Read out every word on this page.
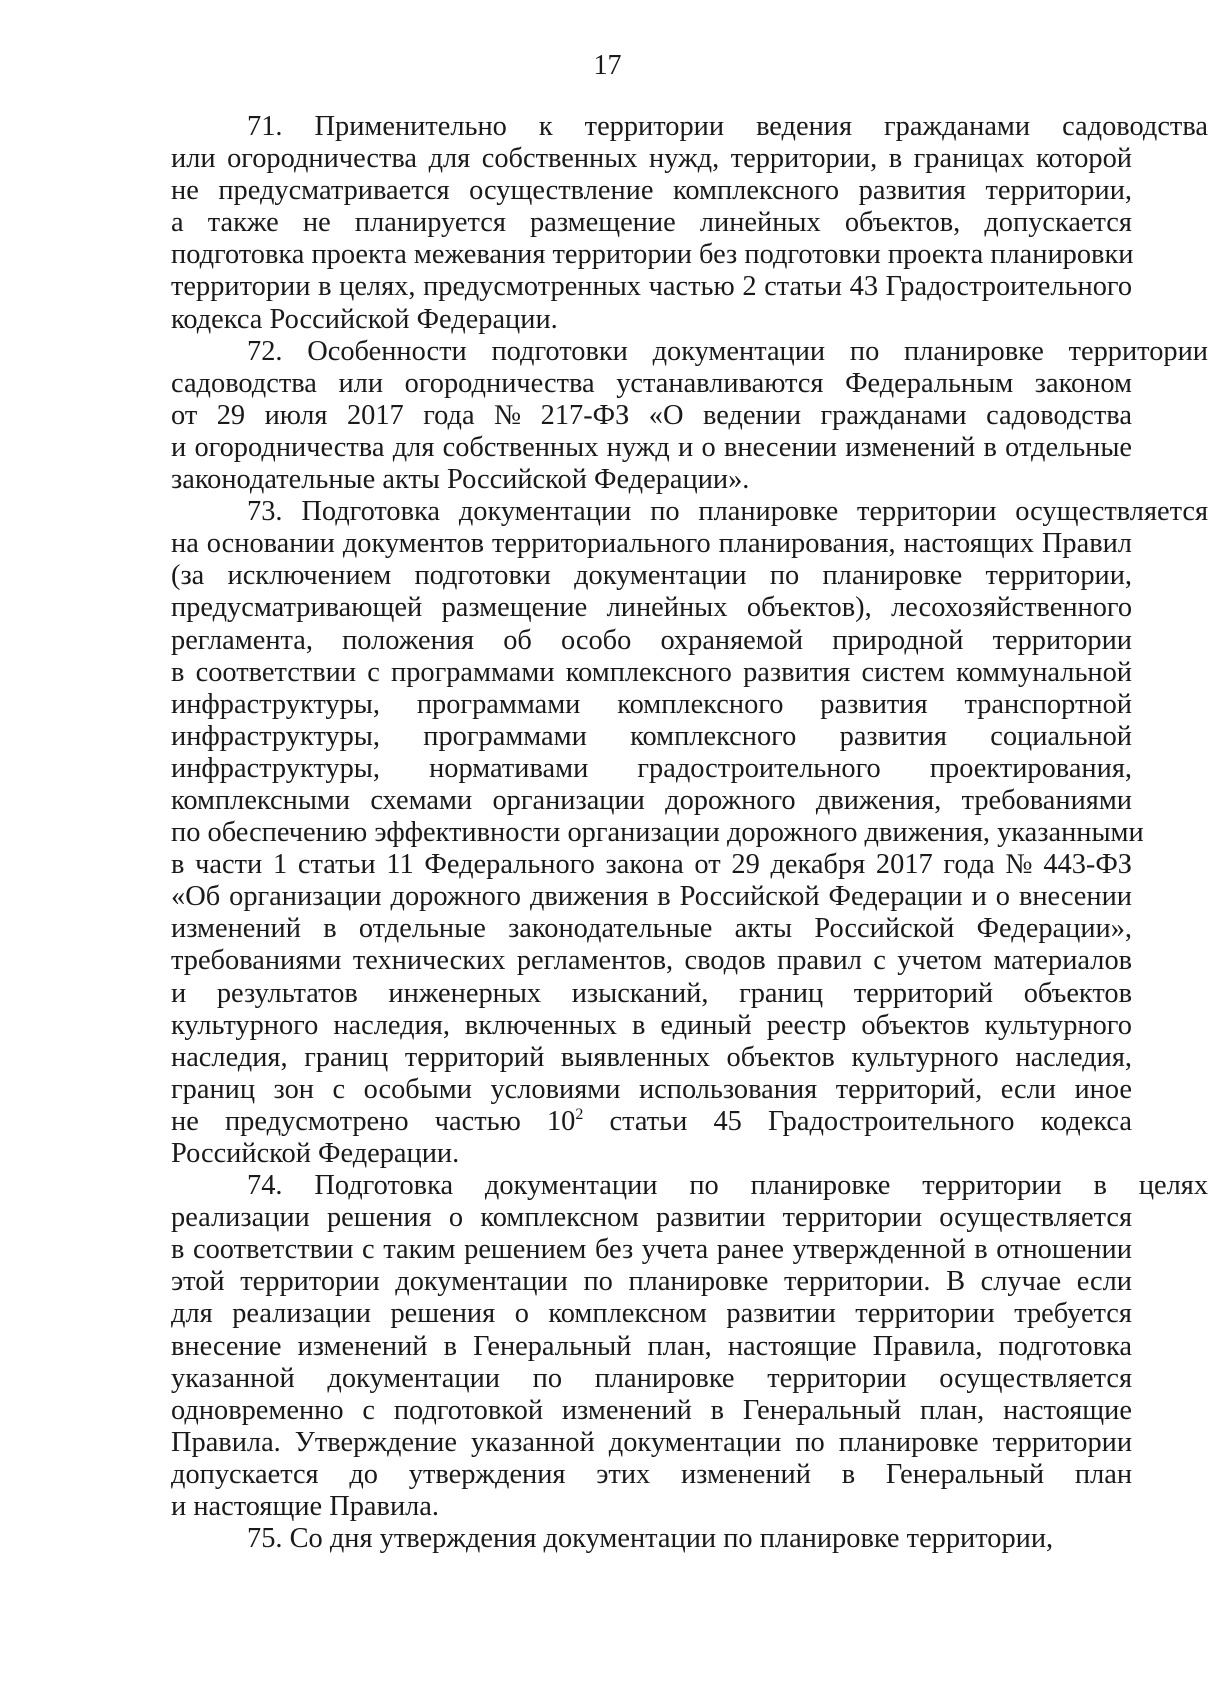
17
71.
Применительно
к
территории
ведения
гражданами
садоводства
или
огородничества
для
собственных
нужд,
территории,
в
границах
которой
не
предусматривается
осуществление
комплексного
развития
территории,
а
также
не
планируется
размещение
линейных
объектов,
допускается
подготовка
проекта
межевания
территории
без
подготовки
проекта
планировки
территории
в
целях,
предусмотренных
частью
2
статьи
43
Градостроительного
кодекса
Российской
Федерации.
72.
Особенности
подготовки
документации
по
планировке
территории
садоводства
или
огородничества
устанавливаются
Федеральным
законом
от
29
июля
2017
года
№
217-ФЗ
«О
ведении
гражданами
садоводства
и
огородничества
для
собственных
нужд
и
о
внесении
изменений
в
отдельные
законодательные
акты
Российской
Федерации».
73.
Подготовка
документации
по
планировке
территории
осуществляется
на
основании
документов
территориального
планирования,
настоящих
Правил
(за
исключением
подготовки
документации
по
планировке
территории,
предусматривающей
размещение
линейных
объектов),
лесохозяйственного
регламента,
положения
об
особо
охраняемой
природной
территории
в
соответствии
с
программами
комплексного
развития
систем
коммунальной
инфраструктуры,
программами
комплексного
развития
транспортной
инфраструктуры,
программами
комплексного
развития
социальной
инфраструктуры,
нормативами
градостроительного
проектирования,
комплексными
схемами
организации
дорожного
движения,
требованиями
по
обеспечению
эффективности
организации
дорожного
движения,
указанными
в
части
1
статьи
11
Федерального
закона
от
29
декабря
2017
года
№
443-ФЗ
«Об
организации
дорожного
движения
в
Российской
Федерации
и
о
внесении
изменений
в
отдельные
законодательные
акты
Российской
Федерации»,
требованиями
технических
регламентов,
сводов
правил
с
учетом
материалов
и
результатов
инженерных
изысканий,
границ
территорий
объектов
культурного
наследия,
включенных
в
единый
реестр
объектов
культурного
наследия,
границ
территорий
выявленных
объектов
культурного
наследия,
границ
зон
с
особыми
условиями
использования
территорий,
если
иное
не
предусмотрено
частью
$10^2$
статьи
45
Градостроительного
кодекса
Российской
Федерации.
74.
Подготовка
документации
по
планировке
территории
в
целях
реализации
решения
о
комплексном
развитии
территории
осуществляется
в
соответствии
с
таким
решением
без
учета
ранее
утвержденной
в
отношении
этой
территории
документации
по
планировке
территории.
В
случае
если
для
реализации
решения
о
комплексном
развитии
территории
требуется
внесение
изменений
в
Генеральный
план,
настоящие
Правила,
подготовка
указанной
документации
по
планировке
территории
осуществляется
одновременно
с
подготовкой
изменений
в
Генеральный
план,
настоящие
Правила.
Утверждение
указанной
документации
по
планировке
территории
допускается
до
утверждения
этих
изменений
в
Генеральный
план
и
настоящие
Правила.
75.
Со
дня
утверждения
документации
по
планировке
территории,
